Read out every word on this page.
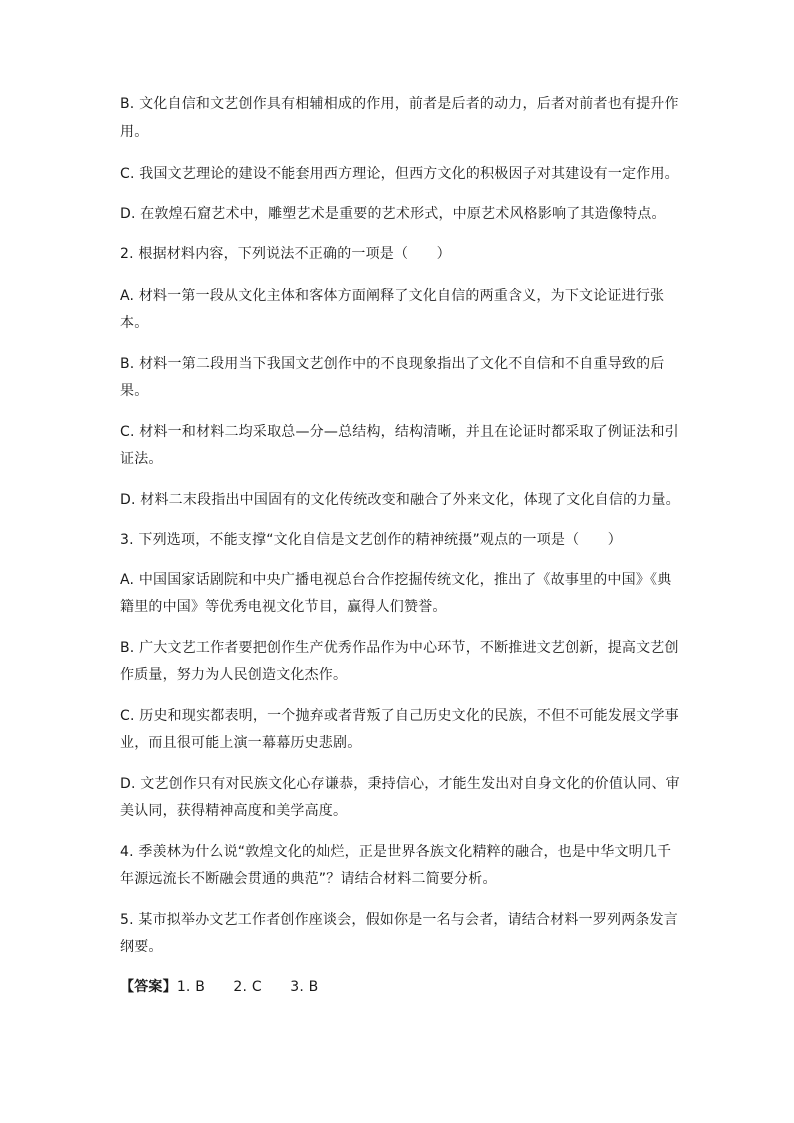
B. 文化自信和文艺创作具有相辅相成的作用，前者是后者的动力，后者对前者也有提升作
用。
C. 我国文艺理论的建设不能套用西方理论，但西方文化的积极因子对其建设有一定作用。
D. 在敦煌石窟艺术中，雕塑艺术是重要的艺术形式，中原艺术风格影响了其造像特点。
2. 根据材料内容，下列说法不正确的一项是（　　）
A. 材料一第一段从文化主体和客体方面阐释了文化自信的两重含义，为下文论证进行张
本。
B. 材料一第二段用当下我国文艺创作中的不良现象指出了文化不自信和不自重导致的后
果。
C. 材料一和材料二均采取总—分—总结构，结构清晰，并且在论证时都采取了例证法和引
证法。
D. 材料二末段指出中国固有的文化传统改变和融合了外来文化，体现了文化自信的力量。
3. 下列选项，不能支撑“文化自信是文艺创作的精神统摄”观点的一项是（　　）
A. 中国国家话剧院和中央广播电视总台合作挖掘传统文化，推出了《故事里的中国》《典
籍里的中国》等优秀电视文化节目，赢得人们赞誉。
B. 广大文艺工作者要把创作生产优秀作品作为中心环节，不断推进文艺创新，提高文艺创
作质量，努力为人民创造文化杰作。
C. 历史和现实都表明，一个抛弃或者背叛了自己历史文化的民族，不但不可能发展文学事
业，而且很可能上演一幕幕历史悲剧。
D. 文艺创作只有对民族文化心存谦恭，秉持信心，才能生发出对自身文化的价值认同、审
美认同，获得精神高度和美学高度。
4. 季羡林为什么说“敦煌文化的灿烂，正是世界各族文化精粹的融合，也是中华文明几千
年源远流长不断融会贯通的典范”？请结合材料二简要分析。
5. 某市拟举办文艺工作者创作座谈会，假如你是一名与会者，请结合材料一罗列两条发言
纲要。
【答案】1. B　　2. C　　3. B
